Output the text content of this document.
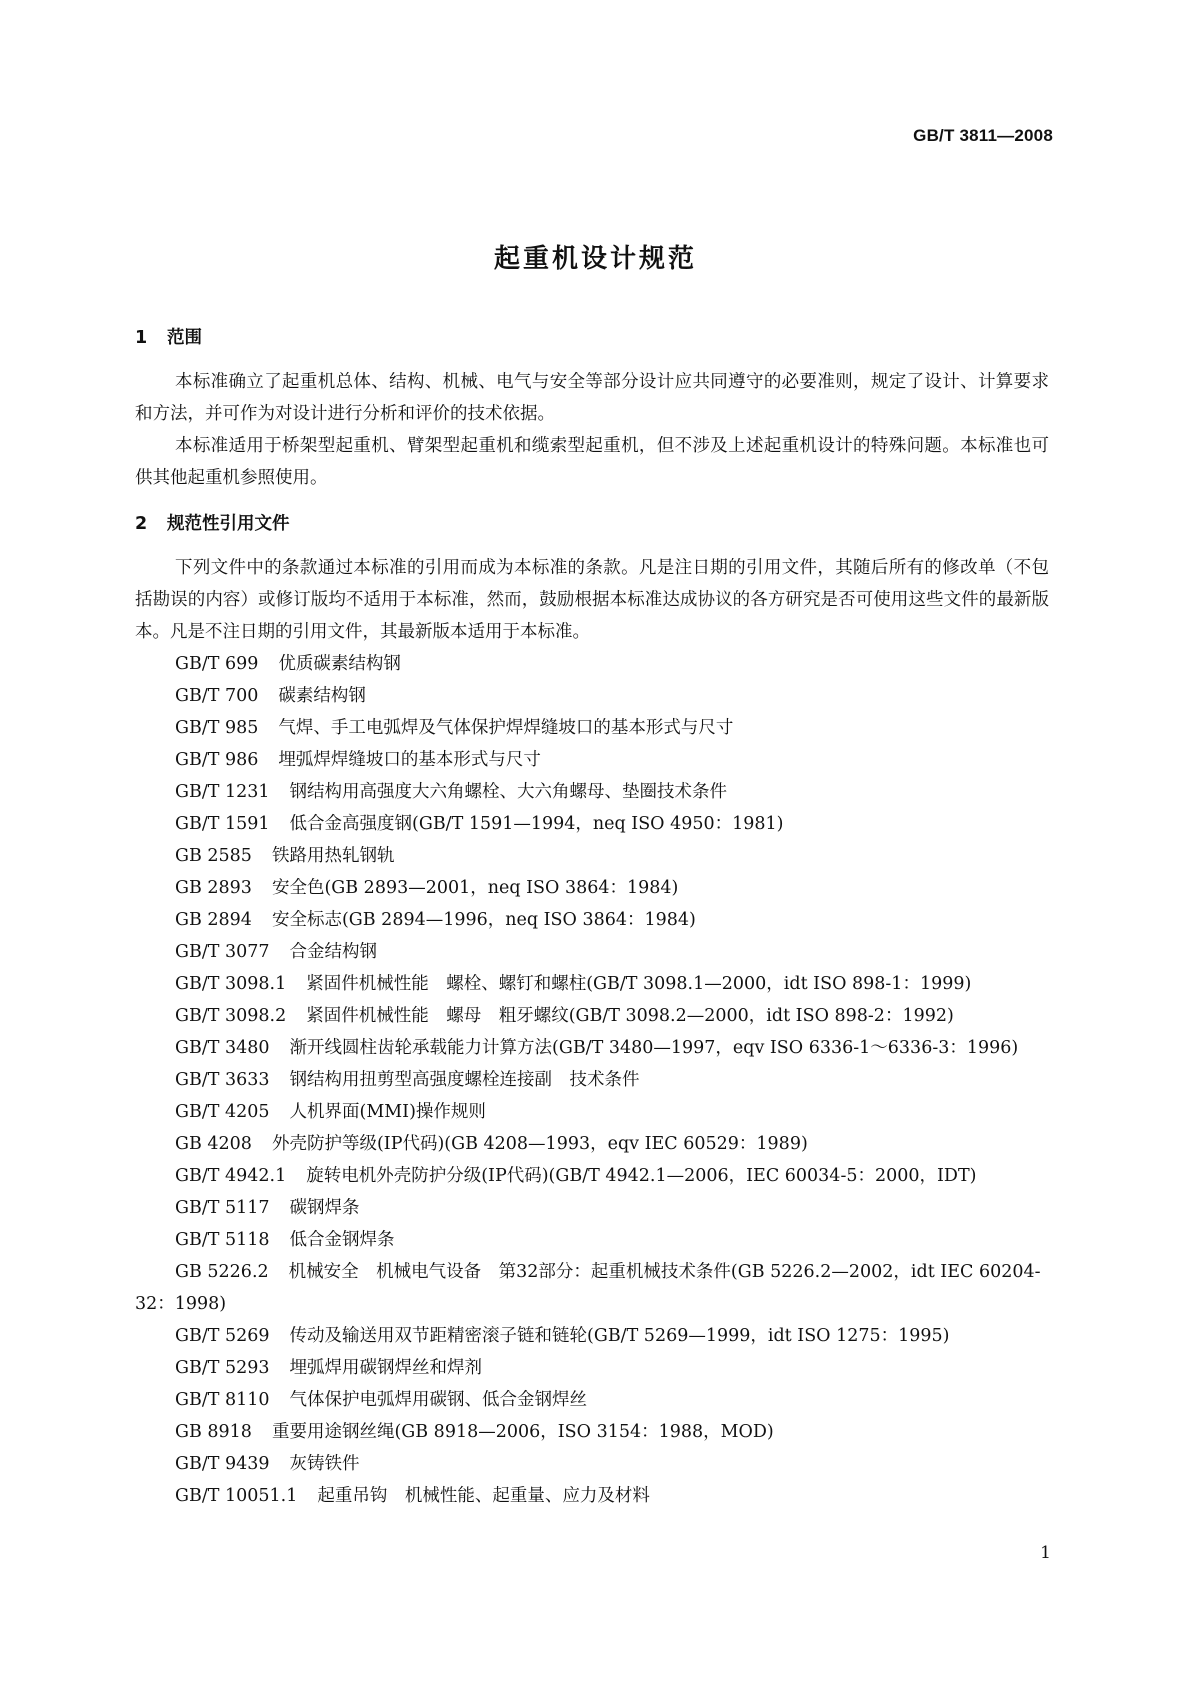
GB/T 3811—2008
起重机设计规范
1 范围

本标准确立了起重机总体、结构、机械、电气与安全等部分设计应共同遵守的必要准则，规定了设计、计算要求和方法，并可作为对设计进行分析和评价的技术依据。

本标准适用于桥架型起重机、臂架型起重机和缆索型起重机，但不涉及上述起重机设计的特殊问题。本标准也可供其他起重机参照使用。

2 规范性引用文件

下列文件中的条款通过本标准的引用而成为本标准的条款。凡是注日期的引用文件，其随后所有的修改单（不包括勘误的内容）或修订版均不适用于本标准，然而，鼓励根据本标准达成协议的各方研究是否可使用这些文件的最新版本。凡是不注日期的引用文件，其最新版本适用于本标准。

GB/T 699 优质碳素结构钢
GB/T 700 碳素结构钢
GB/T 985 气焊、手工电弧焊及气体保护焊焊缝坡口的基本形式与尺寸
GB/T 986 埋弧焊焊缝坡口的基本形式与尺寸
GB/T 1231 钢结构用高强度大六角螺栓、大六角螺母、垫圈技术条件
GB/T 1591 低合金高强度钢(GB/T 1591—1994，neq ISO 4950：1981)
GB 2585 铁路用热轧钢轨
GB 2893 安全色(GB 2893—2001，neq ISO 3864：1984)
GB 2894 安全标志(GB 2894—1996，neq ISO 3864：1984)
GB/T 3077 合金结构钢
GB/T 3098.1 紧固件机械性能　螺栓、螺钉和螺柱(GB/T 3098.1—2000，idt ISO 898-1：1999)
GB/T 3098.2 紧固件机械性能　螺母　粗牙螺纹(GB/T 3098.2—2000，idt ISO 898-2：1992)
GB/T 3480 渐开线圆柱齿轮承载能力计算方法(GB/T 3480—1997，eqv ISO 6336-1～6336-3：1996)
GB/T 3633 钢结构用扭剪型高强度螺栓连接副　技术条件
GB/T 4205 人机界面(MMI)操作规则
GB 4208 外壳防护等级(IP代码)(GB 4208—1993，eqv IEC 60529：1989)
GB/T 4942.1 旋转电机外壳防护分级(IP代码)(GB/T 4942.1—2006，IEC 60034-5：2000，IDT)
GB/T 5117 碳钢焊条
GB/T 5118 低合金钢焊条
GB 5226.2 机械安全　机械电气设备　第32部分：起重机械技术条件(GB 5226.2—2002，idt IEC 60204-32：1998)
GB/T 5269 传动及输送用双节距精密滚子链和链轮(GB/T 5269—1999，idt ISO 1275：1995)
GB/T 5293 埋弧焊用碳钢焊丝和焊剂
GB/T 8110 气体保护电弧焊用碳钢、低合金钢焊丝
GB 8918 重要用途钢丝绳(GB 8918—2006，ISO 3154：1988，MOD)
GB/T 9439 灰铸铁件
GB/T 10051.1 起重吊钩　机械性能、起重量、应力及材料
1
